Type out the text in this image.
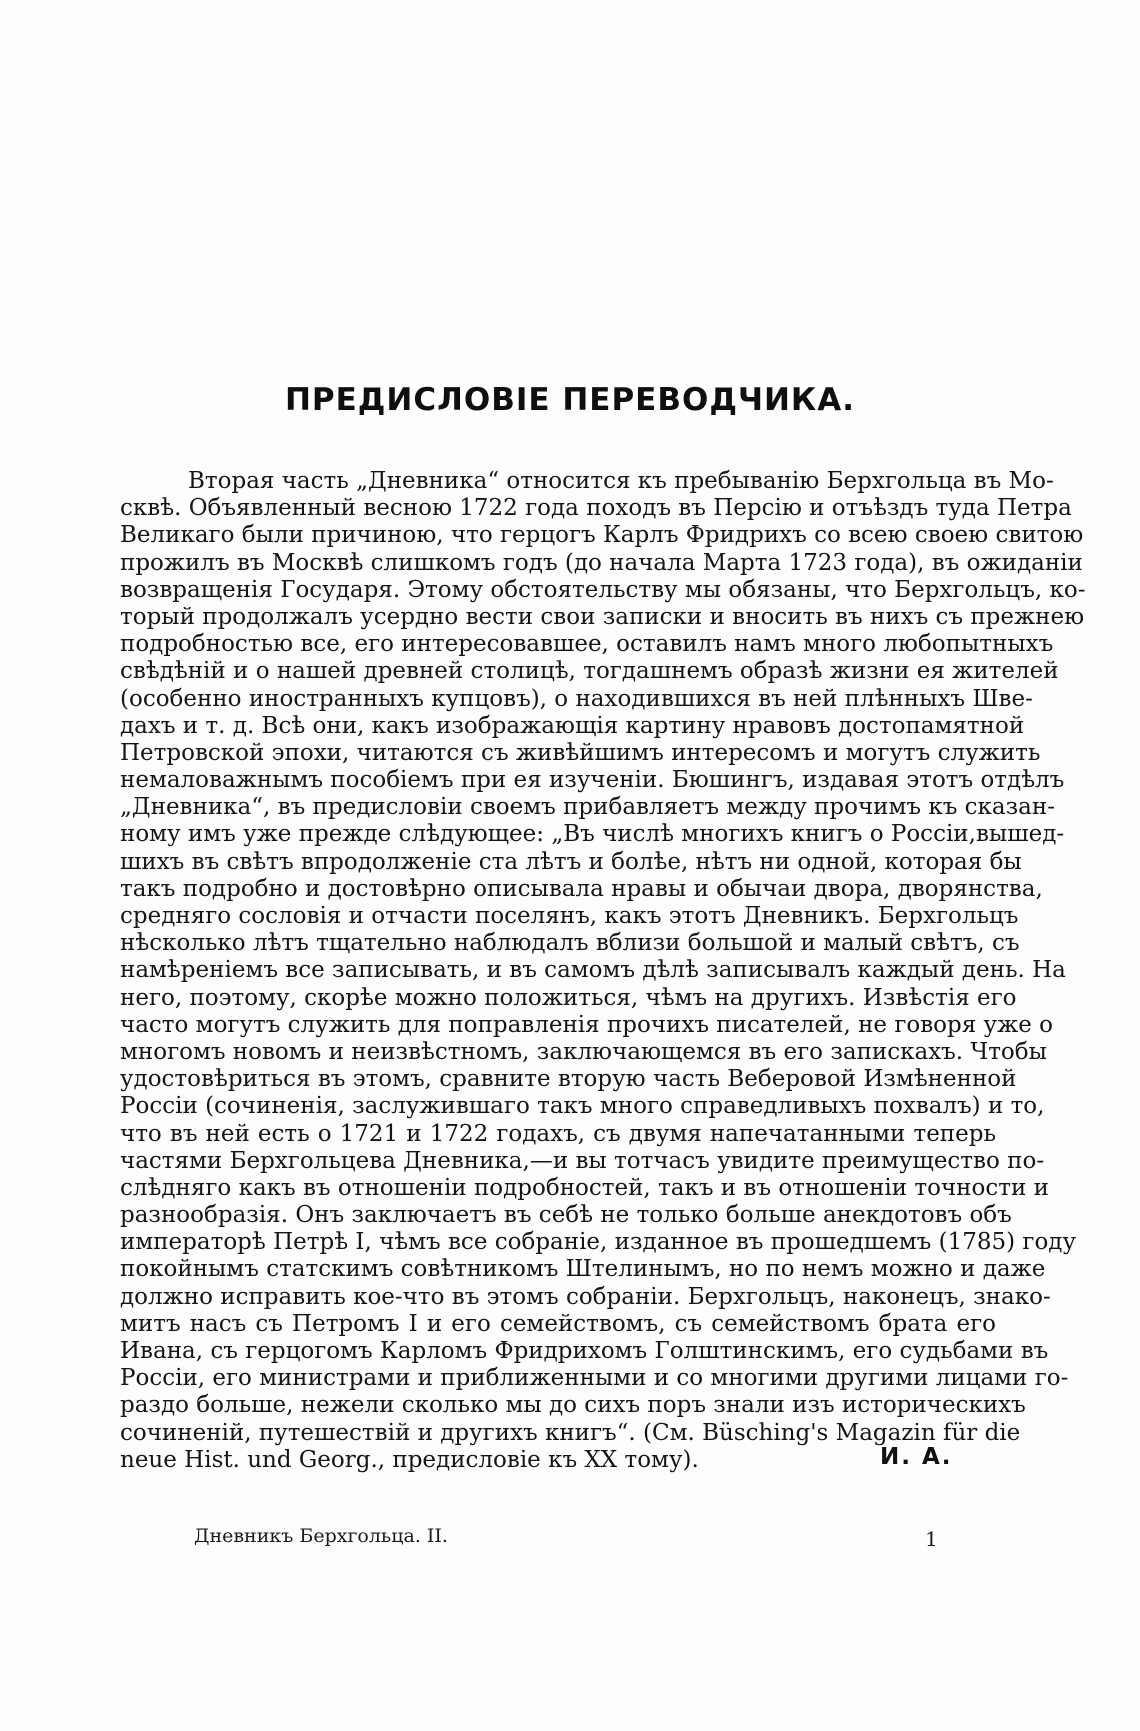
ПРЕДИСЛОВІЕ ПЕРЕВОДЧИКА.
Вторая часть „Дневника“ относится къ пребыванію Берхгольца въ Мо-
сквѣ. Объявленный весною 1722 года походъ въ Персію и отъѣздъ туда Петра
Великаго были причиною, что герцогъ Карлъ Фридрихъ со всею своею свитою
прожилъ въ Москвѣ слишкомъ годъ (до начала Марта 1723 года), въ ожиданіи
возвращенія Государя. Этому обстоятельству мы обязаны, что Берхгольцъ, ко-
торый продолжалъ усердно вести свои записки и вносить въ нихъ съ прежнею
подробностью все, его интересовавшее, оставилъ намъ много любопытныхъ
свѣдѣній и о нашей древней столицѣ, тогдашнемъ образѣ жизни ея жителей
(особенно иностранныхъ купцовъ), о находившихся въ ней плѣнныхъ Шве-
дахъ и т. д. Всѣ они, какъ изображающія картину нравовъ достопамятной
Петровской эпохи, читаются съ живѣйшимъ интересомъ и могутъ служить
немаловажнымъ пособіемъ при ея изученіи. Бюшингъ, издавая этотъ отдѣлъ
„Дневника“, въ предисловіи своемъ прибавляетъ между прочимъ къ сказан-
ному имъ уже прежде слѣдующее: „Въ числѣ многихъ книгъ о Россіи,вышед-
шихъ въ свѣтъ впродолженіе ста лѣтъ и болѣе, нѣтъ ни одной, которая бы
такъ подробно и достовѣрно описывала нравы и обычаи двора, дворянства,
средняго сословія и отчасти поселянъ, какъ этотъ Дневникъ. Берхгольцъ
нѣсколько лѣтъ тщательно наблюдалъ вблизи большой и малый свѣтъ, съ
намѣреніемъ все записывать, и въ самомъ дѣлѣ записывалъ каждый день. На
него, поэтому, скорѣе можно положиться, чѣмъ на другихъ. Извѣстія его
часто могутъ служить для поправленія прочихъ писателей, не говоря уже о
многомъ новомъ и неизвѣстномъ, заключающемся въ его запискахъ. Чтобы
удостовѣриться въ этомъ, сравните вторую часть Веберовой Измѣненной
Россіи (сочиненія, заслужившаго такъ много справедливыхъ похвалъ) и то,
что въ ней есть о 1721 и 1722 годахъ, съ двумя напечатанными теперь
частями Берхгольцева Дневника,—и вы тотчасъ увидите преимущество по-
слѣдняго какъ въ отношеніи подробностей, такъ и въ отношеніи точности и
разнообразія. Онъ заключаетъ въ себѣ не только больше анекдотовъ объ
императорѣ Петрѣ I, чѣмъ все собраніе, изданное въ прошедшемъ (1785) году
покойнымъ статскимъ совѣтникомъ Штелинымъ, но по немъ можно и даже
должно исправить кое-что въ этомъ собраніи. Берхгольцъ, наконецъ, знако-
митъ насъ съ Петромъ I и его семействомъ, съ семействомъ брата его
Ивана, съ герцогомъ Карломъ Фридрихомъ Голштинскимъ, его судьбами въ
Россіи, его министрами и приближенными и со многими другими лицами го-
раздо больше, нежели сколько мы до сихъ поръ знали изъ историческихъ
сочиненій, путешествій и другихъ книгъ“. (См. Büsching's Magazin für die
neue Hist. und Georg., предисловіе къ XX тому).	И. А.

Дневникъ Берхгольца. II.	1
